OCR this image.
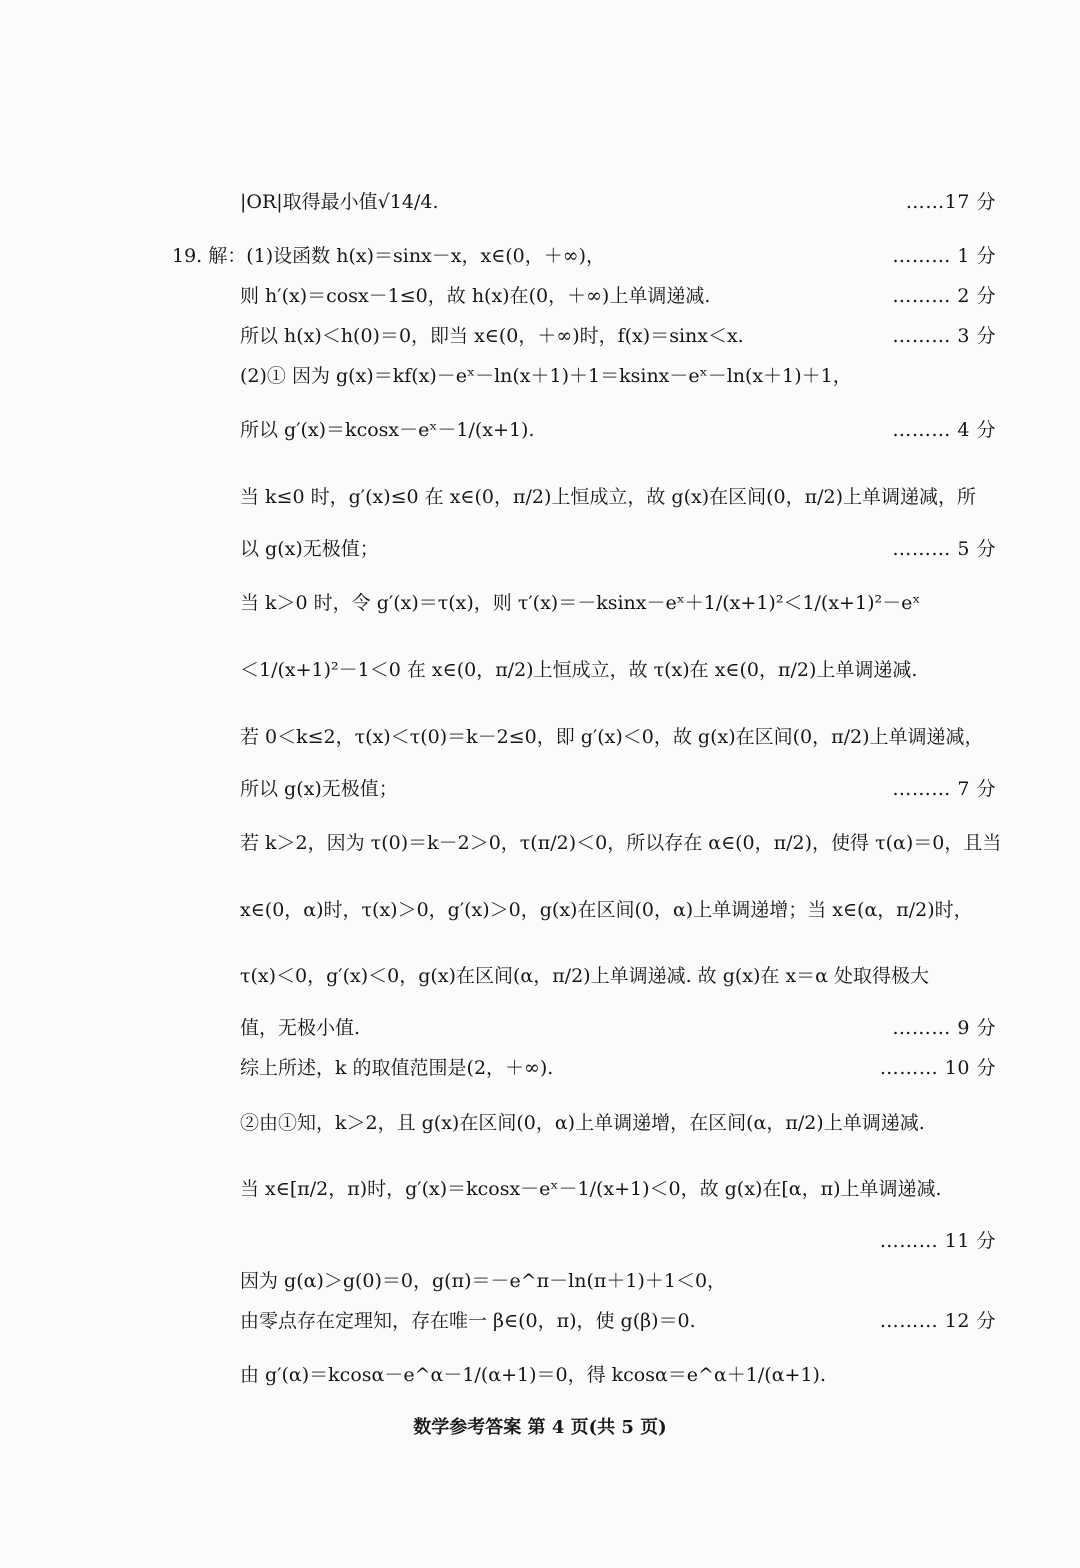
|OR|取得最小值√14/4.	……17 分
19. 解：(1)设函数 h(x)＝sinx－x，x∈(0，＋∞)，	……… 1 分
则 h′(x)＝cosx－1≤0，故 h(x)在(0，＋∞)上单调递减.	……… 2 分
所以 h(x)＜h(0)＝0，即当 x∈(0，＋∞)时，f(x)＝sinx＜x.	……… 3 分
(2)① 因为 g(x)＝kf(x)－eˣ－ln(x＋1)＋1＝ksinx－eˣ－ln(x＋1)＋1，
所以 g′(x)＝kcosx－eˣ－1/(x+1).	……… 4 分
当 k≤0 时，g′(x)≤0 在 x∈(0，π/2)上恒成立，故 g(x)在区间(0，π/2)上单调递减，所
以 g(x)无极值；	……… 5 分
当 k＞0 时，令 g′(x)＝τ(x)，则 τ′(x)＝－ksinx－eˣ＋1/(x+1)²＜1/(x+1)²－eˣ
＜1/(x+1)²－1＜0 在 x∈(0，π/2)上恒成立，故 τ(x)在 x∈(0，π/2)上单调递减.
若 0＜k≤2，τ(x)＜τ(0)＝k－2≤0，即 g′(x)＜0，故 g(x)在区间(0，π/2)上单调递减，
所以 g(x)无极值；	……… 7 分
若 k＞2，因为 τ(0)＝k－2＞0，τ(π/2)＜0，所以存在 α∈(0，π/2)，使得 τ(α)＝0，且当
x∈(0，α)时，τ(x)＞0，g′(x)＞0，g(x)在区间(0，α)上单调递增；当 x∈(α，π/2)时，
τ(x)＜0，g′(x)＜0，g(x)在区间(α，π/2)上单调递减. 故 g(x)在 x＝α 处取得极大
值，无极小值.	……… 9 分
综上所述，k 的取值范围是(2，＋∞).	……… 10 分
②由①知，k＞2，且 g(x)在区间(0，α)上单调递增，在区间(α，π/2)上单调递减.
当 x∈[π/2，π)时，g′(x)＝kcosx－eˣ－1/(x+1)＜0，故 g(x)在[α，π)上单调递减.
……… 11 分
因为 g(α)＞g(0)＝0，g(π)＝－e^π－ln(π＋1)＋1＜0，
由零点存在定理知，存在唯一 β∈(0，π)，使 g(β)＝0.	……… 12 分
由 g′(α)＝kcosα－e^α－1/(α+1)＝0，得 kcosα＝e^α＋1/(α+1).
数学参考答案 第 4 页(共 5 页)
